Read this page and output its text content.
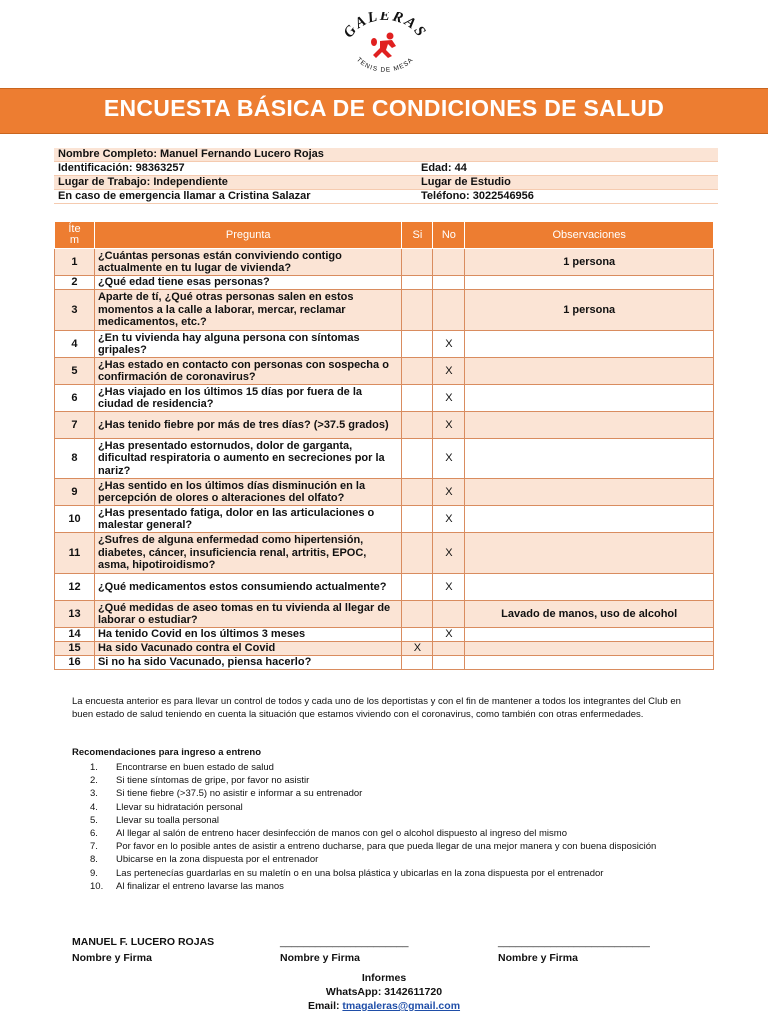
GALERAS
TENIS DE MESA
ENCUESTA BÁSICA DE CONDICIONES DE SALUD
Nombre Completo: Manuel Fernando Lucero Rojas	
Identificación: 98363257	Edad: 44
Lugar de Trabajo: Independiente	Lugar de Estudio
En caso de emergencia llamar a Cristina Salazar	Teléfono: 3022546956
Íte
m	Pregunta	Si	No	Observaciones
1	¿Cuántas personas están conviviendo contigo actualmente en tu lugar de vivienda?			1 persona
2	¿Qué edad tiene esas personas?			
3	Aparte de tí, ¿Qué otras personas salen en estos momentos a la calle a laborar, mercar, reclamar medicamentos, etc.?			1 persona
4	¿En tu vivienda hay alguna persona con síntomas gripales?		X	
5	¿Has estado en contacto con personas con sospecha o confirmación de coronavirus?		X	
6	¿Has viajado en los últimos 15 días por fuera de la ciudad de residencia?		X	
7	¿Has tenido fiebre por más de tres días? (>37.5 grados)		X	
8	¿Has presentado estornudos, dolor de garganta, dificultad respiratoria o aumento en secreciones por la nariz?		X	
9	¿Has sentido en los últimos días disminución en la percepción de olores o alteraciones del olfato?		X	
10	¿Has presentado fatiga, dolor en las articulaciones o malestar general?		X	
11	¿Sufres de alguna enfermedad como hipertensión, diabetes, cáncer, insuficiencia renal, artritis, EPOC, asma, hipotiroidismo?		X	
12	¿Qué medicamentos estos consumiendo actualmente?		X	
13	¿Qué medidas de aseo tomas en tu vivienda al llegar de laborar o estudiar?			Lavado de manos, uso de alcohol
14	Ha tenido Covid en los últimos 3 meses		X	
15	Ha sido Vacunado contra el Covid	X		
16	Si no ha sido Vacunado, piensa hacerlo?			
La encuesta anterior es para llevar un control de todos y cada uno de los deportistas y con el fin de mantener a todos los integrantes del Club en buen estado de salud teniendo en cuenta la situación que estamos viviendo con el coronavirus, como también con otras enfermedades.
Recomendaciones para ingreso a entreno
1. Encontrarse en buen estado de salud
2. Si tiene síntomas de gripe, por favor no asistir
3. Si tiene fiebre (>37.5) no asistir e informar a su entrenador
4. Llevar su hidratación personal
5. Llevar su toalla personal
6. Al llegar al salón de entreno hacer desinfección de manos con gel o alcohol dispuesto al ingreso del mismo
7. Por favor en lo posible antes de asistir a entreno ducharse, para que pueda llegar de una mejor manera y con buena disposición
8. Ubicarse en la zona dispuesta por el entrenador
9. Las pertenecías guardarlas en su maletín o en una bolsa plástica y ubicarlas en la zona dispuesta por el entrenador
10. Al finalizar el entreno lavarse las manos
MANUEL F. LUCERO ROJAS	______________________	__________________________
Nombre y Firma	Nombre y Firma	Nombre y Firma
Informes
WhatsApp: 3142611720
Email: tmagaleras@gmail.com
